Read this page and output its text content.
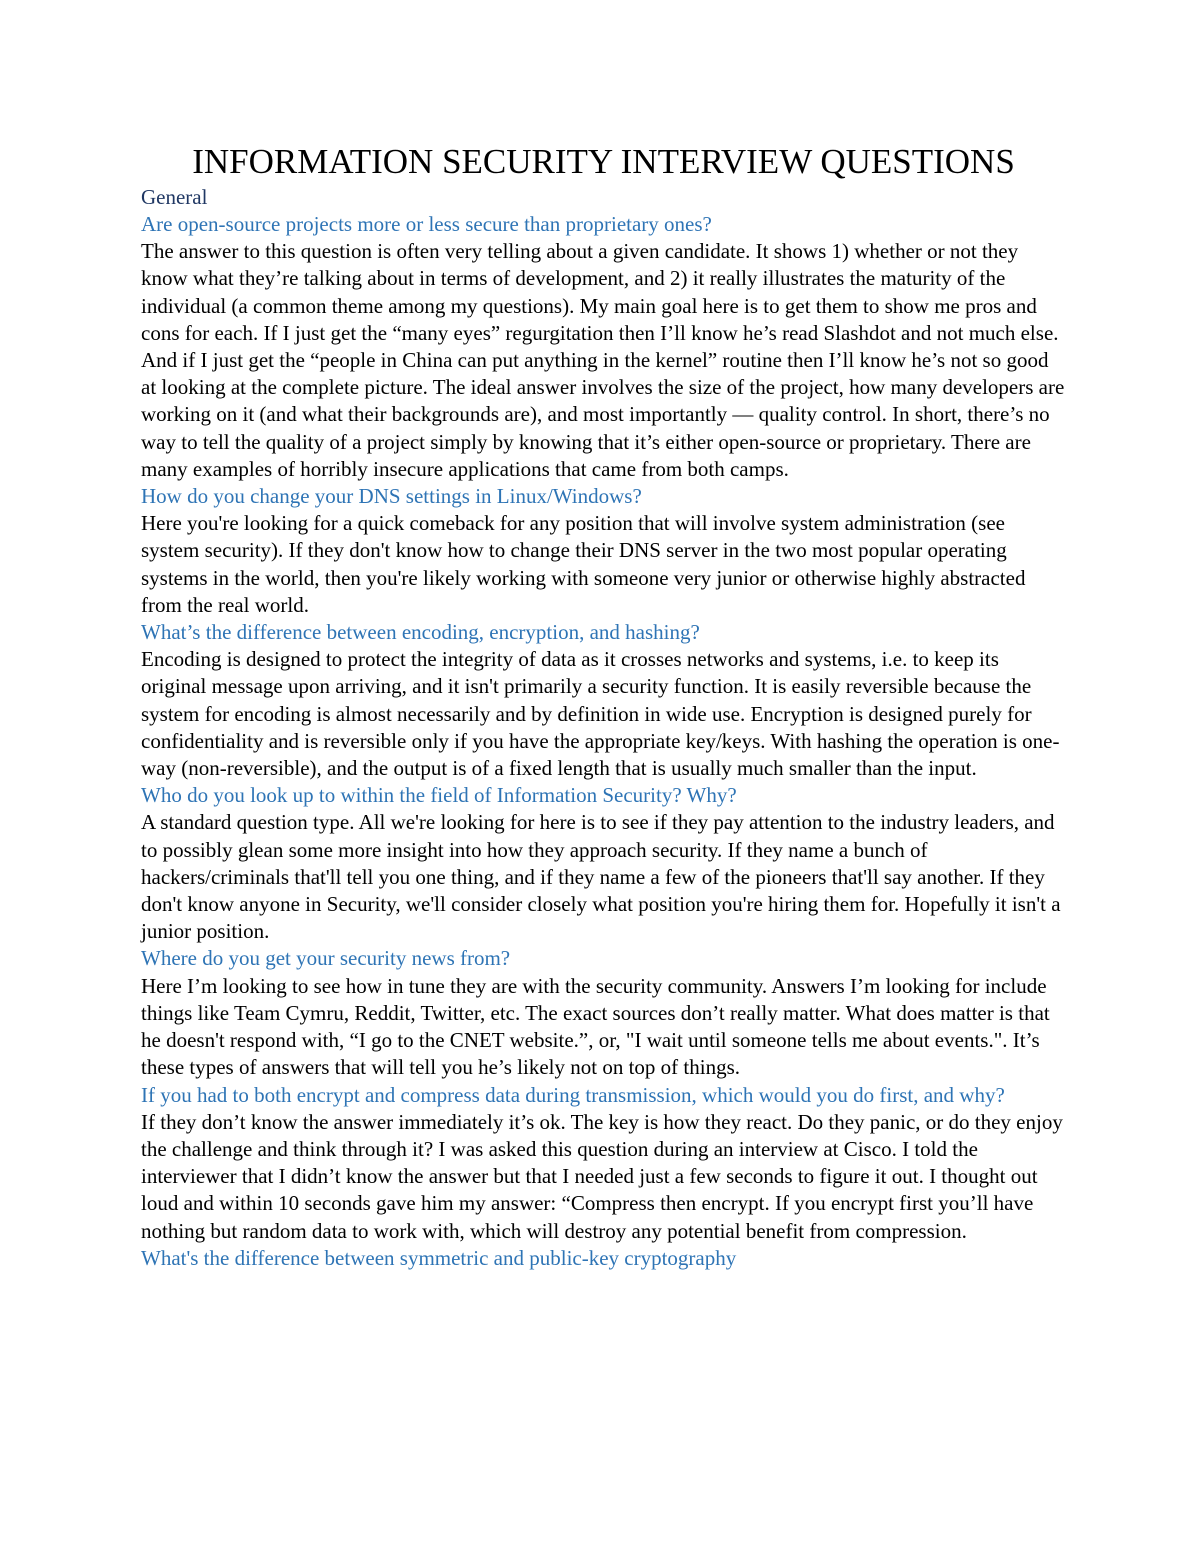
INFORMATION SECURITY INTERVIEW QUESTIONS

General

Are open-source projects more or less secure than proprietary ones?

The answer to this question is often very telling about a given candidate. It shows 1) whether or not they know what they’re talking about in terms of development, and 2) it really illustrates the maturity of the individual (a common theme among my questions). My main goal here is to get them to show me pros and cons for each. If I just get the “many eyes” regurgitation then I’ll know he’s read Slashdot and not much else. And if I just get the “people in China can put anything in the kernel” routine then I’ll know he’s not so good at looking at the complete picture. The ideal answer involves the size of the project, how many developers are working on it (and what their backgrounds are), and most importantly — quality control. In short, there’s no way to tell the quality of a project simply by knowing that it’s either open-source or proprietary. There are many examples of horribly insecure applications that came from both camps.

How do you change your DNS settings in Linux/Windows?

Here you're looking for a quick comeback for any position that will involve system administration (see system security). If they don't know how to change their DNS server in the two most popular operating systems in the world, then you're likely working with someone very junior or otherwise highly abstracted from the real world.

What’s the difference between encoding, encryption, and hashing?

Encoding is designed to protect the integrity of data as it crosses networks and systems, i.e. to keep its original message upon arriving, and it isn't primarily a security function. It is easily reversible because the system for encoding is almost necessarily and by definition in wide use. Encryption is designed purely for confidentiality and is reversible only if you have the appropriate key/keys. With hashing the operation is one-way (non-reversible), and the output is of a fixed length that is usually much smaller than the input.

Who do you look up to within the field of Information Security? Why?

A standard question type. All we're looking for here is to see if they pay attention to the industry leaders, and to possibly glean some more insight into how they approach security. If they name a bunch of hackers/criminals that'll tell you one thing, and if they name a few of the pioneers that'll say another. If they don't know anyone in Security, we'll consider closely what position you're hiring them for. Hopefully it isn't a junior position.

Where do you get your security news from?

Here I’m looking to see how in tune they are with the security community. Answers I’m looking for include things like Team Cymru, Reddit, Twitter, etc. The exact sources don’t really matter. What does matter is that he doesn't respond with, “I go to the CNET website.”, or, "I wait until someone tells me about events.". It’s these types of answers that will tell you he’s likely not on top of things.

If you had to both encrypt and compress data during transmission, which would you do first, and why?

If they don’t know the answer immediately it’s ok. The key is how they react. Do they panic, or do they enjoy the challenge and think through it? I was asked this question during an interview at Cisco. I told the interviewer that I didn’t know the answer but that I needed just a few seconds to figure it out. I thought out loud and within 10 seconds gave him my answer: “Compress then encrypt. If you encrypt first you’ll have nothing but random data to work with, which will destroy any potential benefit from compression.

What's the difference between symmetric and public-key cryptography
